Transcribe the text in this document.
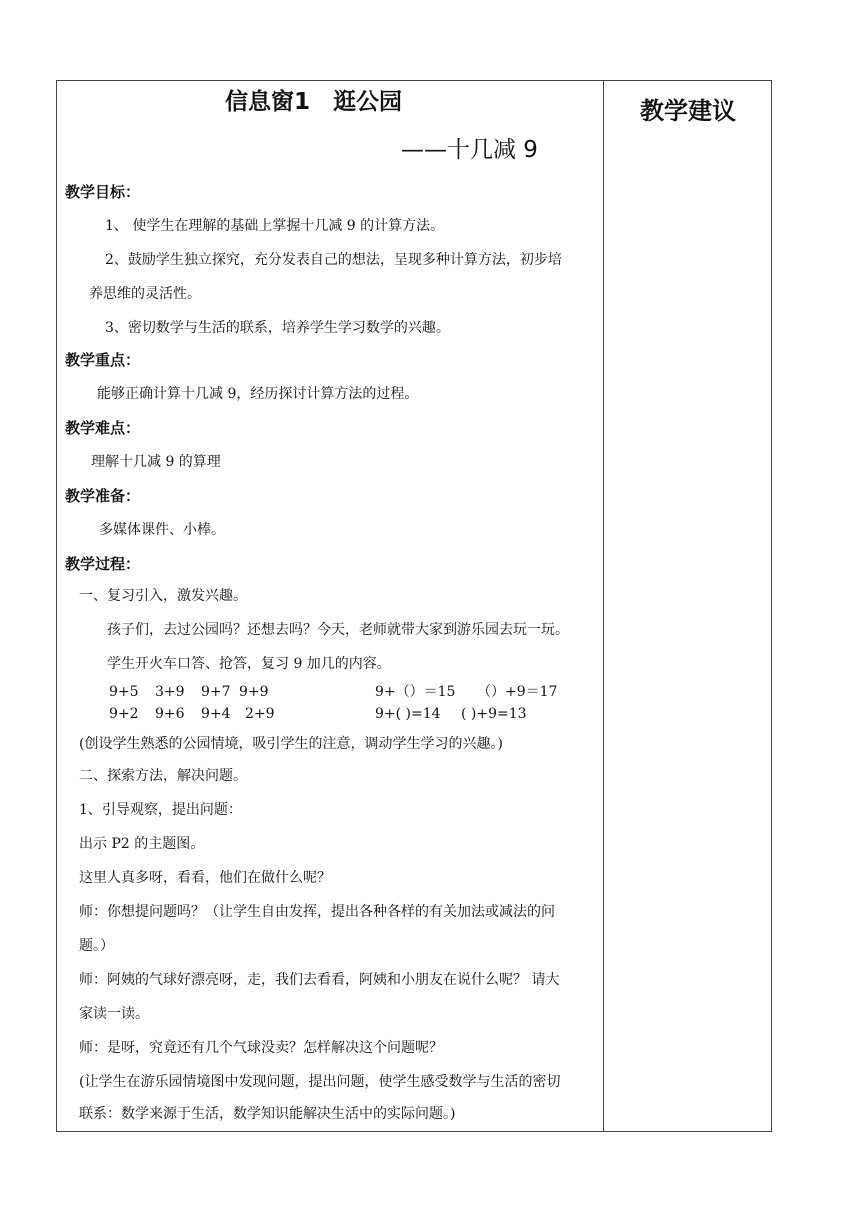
教学建议
信息窗1　逛公园
——十几减 9
教学目标：
1、 使学生在理解的基础上掌握十几减 9 的计算方法。
2、鼓励学生独立探究，充分发表自己的想法，呈现多种计算方法，初步培
养思维的灵活性。
3、密切数学与生活的联系，培养学生学习数学的兴趣。
教学重点：
能够正确计算十几减 9，经历探讨计算方法的过程。
教学难点：
理解十几减 9 的算理
教学准备：
多媒体课件、小棒。
教学过程：
一、复习引入，激发兴趣。
孩子们，去过公园吗？还想去吗？今天，老师就带大家到游乐园去玩一玩。
学生开火车口答、抢答，复习 9 加几的内容。
9+5 3+9 9+7 9+9	9+（）＝15 （）+9＝17
9+2 9+6 9+4 2+9	9+( )=14 ( )+9=13
(创设学生熟悉的公园情境，吸引学生的注意，调动学生学习的兴趣。)
二、探索方法，解决问题。
1、引导观察，提出问题：
出示 P2 的主题图。
这里人真多呀，看看，他们在做什么呢？
师：你想提问题吗？（让学生自由发挥，提出各种各样的有关加法或减法的问
题。）
师：阿姨的气球好漂亮呀，走，我们去看看，阿姨和小朋友在说什么呢？ 请大
家读一读。
师：是呀，究竟还有几个气球没卖？怎样解决这个问题呢？
(让学生在游乐园情境图中发现问题，提出问题，使学生感受数学与生活的密切
联系：数学来源于生活，数学知识能解决生活中的实际问题。)
